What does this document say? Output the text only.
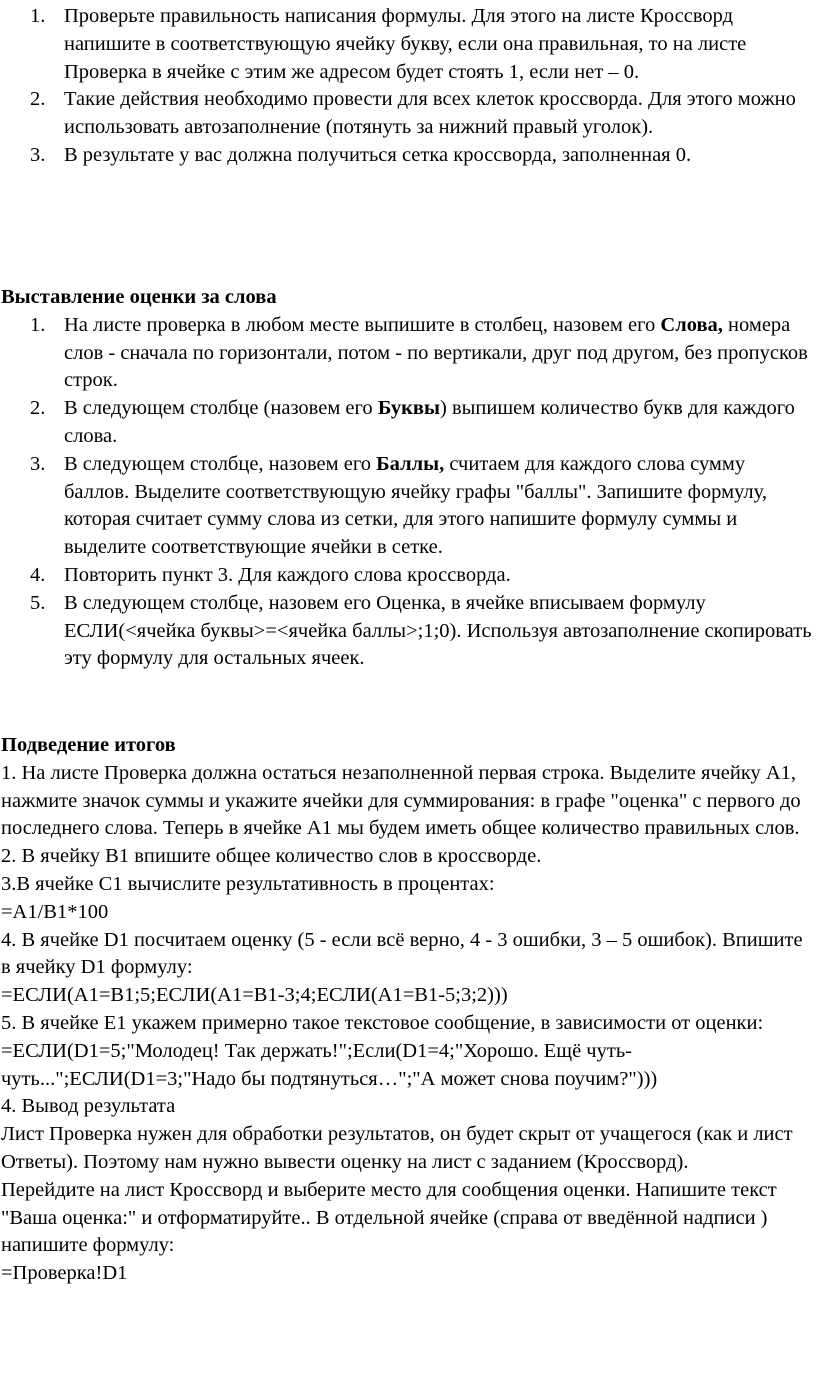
1. Проверьте правильность написания формулы. Для этого на листе Кроссворд напишите в соответствующую ячейку букву, если она правильная, то на листе Проверка в ячейке с этим же адресом будет стоять 1, если нет – 0.
2. Такие действия необходимо провести для всех клеток кроссворда. Для этого можно использовать автозаполнение (потянуть за нижний правый уголок).
3. В результате у вас должна получиться сетка кроссворда, заполненная 0.
Выставление оценки за слова
1. На листе проверка в любом месте выпишите в столбец, назовем его Слова, номера слов - сначала по горизонтали, потом - по вертикали, друг под другом, без пропусков строк.
2. В следующем столбце (назовем его Буквы) выпишем количество букв для каждого слова.
3. В следующем столбце, назовем его Баллы, считаем для каждого слова сумму баллов. Выделите соответствующую ячейку графы "баллы". Запишите формулу, которая считает сумму слова из сетки, для этого напишите формулу суммы и выделите соответствующие ячейки в сетке.
4. Повторить пункт 3. Для каждого слова кроссворда.
5. В следующем столбце, назовем его Оценка, в ячейке вписываем формулу ЕСЛИ(<ячейка буквы>=<ячейка баллы>;1;0). Используя автозаполнение скопировать эту формулу для остальных ячеек.
Подведение итогов
1. На листе Проверка должна остаться незаполненной первая строка. Выделите ячейку А1, нажмите значок суммы и укажите ячейки для суммирования: в графе "оценка" с первого до последнего слова. Теперь в ячейке А1 мы будем иметь общее количество правильных слов.
2. В ячейку В1 впишите общее количество слов в кроссворде.
3.В ячейке С1 вычислите результативность в процентах:
=A1/B1*100
4. В ячейке D1 посчитаем оценку (5 - если всё верно, 4 - 3 ошибки, 3 – 5 ошибок). Впишите в ячейку D1 формулу:
=ЕСЛИ(А1=В1;5;ЕСЛИ(А1=В1-3;4;ЕСЛИ(А1=В1-5;3;2)))
5. В ячейке Е1 укажем примерно такое текстовое сообщение, в зависимости от оценки:
=ЕСЛИ(D1=5;"Молодец! Так держать!";Если(D1=4;"Хорошо. Ещё чуть-чуть...";ЕСЛИ(D1=3;"Надо бы подтянуться…";"А может снова поучим?")))
4. Вывод результата
Лист Проверка нужен для обработки результатов, он будет скрыт от учащегося (как и лист Ответы). Поэтому нам нужно вывести оценку на лист с заданием (Кроссворд).
Перейдите на лист Кроссворд и выберите место для сообщения оценки. Напишите текст "Ваша оценка:" и отформатируйте.. В отдельной ячейке (справа от введённой надписи ) напишите формулу:
=Проверка!D1
